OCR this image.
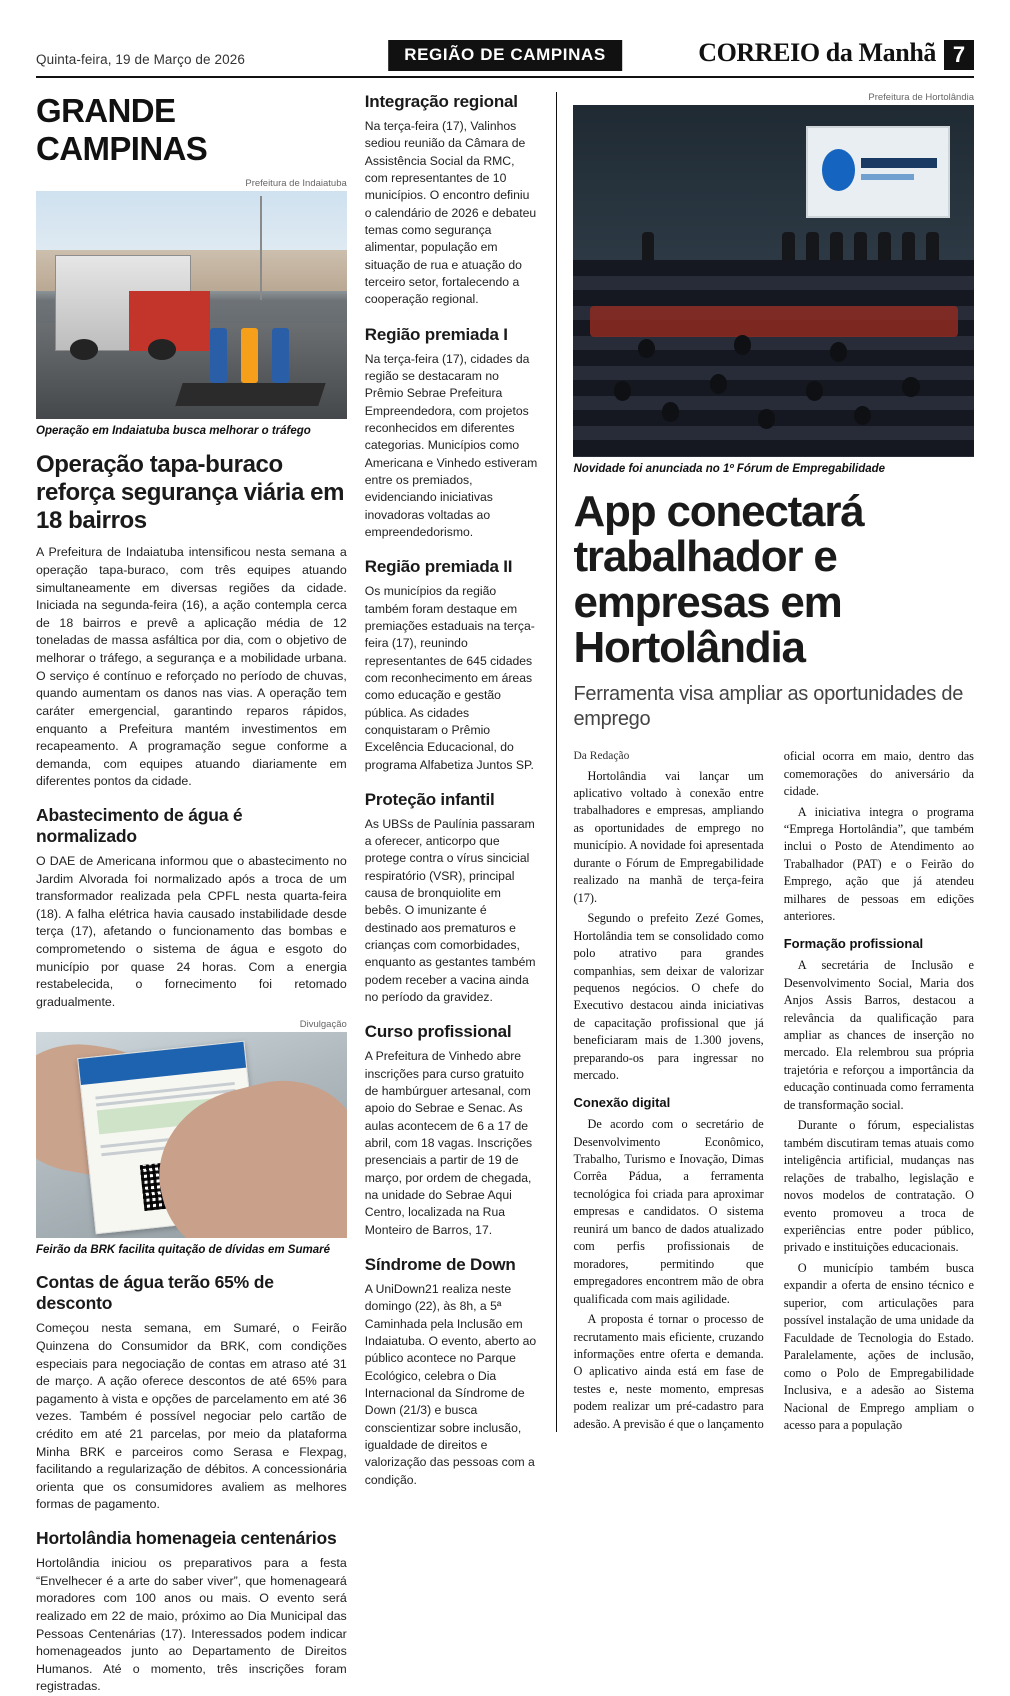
Quinta-feira, 19 de Março de 2026	REGIÃO DE CAMPINAS	CORREIO da Manhã 7
GRANDE CAMPINAS
Prefeitura de Indaiatuba
Operação em Indaiatuba busca melhorar o tráfego
Operação tapa-buraco reforça segurança viária em 18 bairros

A Prefeitura de Indaiatuba intensificou nesta semana a operação tapa-buraco, com três equipes atuando simultaneamente em diversas regiões da cidade. Iniciada na segunda-feira (16), a ação contempla cerca de 18 bairros e prevê a aplicação média de 12 toneladas de massa asfáltica por dia, com o objetivo de melhorar o tráfego, a segurança e a mobilidade urbana. O serviço é contínuo e reforçado no período de chuvas, quando aumentam os danos nas vias. A operação tem caráter emergencial, garantindo reparos rápidos, enquanto a Prefeitura mantém investimentos em recapeamento. A programação segue conforme a demanda, com equipes atuando diariamente em diferentes pontos da cidade.

Abastecimento de água é normalizado

O DAE de Americana informou que o abastecimento no Jardim Alvorada foi normalizado após a troca de um transformador realizada pela CPFL nesta quarta-feira (18). A falha elétrica havia causado instabilidade desde terça (17), afetando o funcionamento das bombas e comprometendo o sistema de água e esgoto do município por quase 24 horas. Com a energia restabelecida, o fornecimento foi retomado gradualmente.

Divulgação
Feirão da BRK facilita quitação de dívidas em Sumaré
Contas de água terão 65% de desconto

Começou nesta semana, em Sumaré, o Feirão Quinzena do Consumidor da BRK, com condições especiais para negociação de contas em atraso até 31 de março. A ação oferece descontos de até 65% para pagamento à vista e opções de parcelamento em até 36 vezes. Também é possível negociar pelo cartão de crédito em até 21 parcelas, por meio da plataforma Minha BRK e parceiros como Serasa e Flexpag, facilitando a regularização de débitos. A concessionária orienta que os consumidores avaliem as melhores formas de pagamento.

Hortolândia homenageia centenários

Hortolândia iniciou os preparativos para a festa “Envelhecer é a arte do saber viver”, que homenageará moradores com 100 anos ou mais. O evento será realizado em 22 de maio, próximo ao Dia Municipal das Pessoas Centenárias (17). Interessados podem indicar homenageados junto ao Departamento de Direitos Humanos. Até o momento, três inscrições foram registradas.

Integração regional

Na terça-feira (17), Valinhos sediou reunião da Câmara de Assistência Social da RMC, com representantes de 10 municípios. O encontro definiu o calendário de 2026 e debateu temas como segurança alimentar, população em situação de rua e atuação do terceiro setor, fortalecendo a cooperação regional.

Região premiada I

Na terça-feira (17), cidades da região se destacaram no Prêmio Sebrae Prefeitura Empreendedora, com projetos reconhecidos em diferentes categorias. Municípios como Americana e Vinhedo estiveram entre os premiados, evidenciando iniciativas inovadoras voltadas ao empreendedorismo.

Região premiada II

Os municípios da região também foram destaque em premiações estaduais na terça-feira (17), reunindo representantes de 645 cidades com reconhecimento em áreas como educação e gestão pública. As cidades conquistaram o Prêmio Excelência Educacional, do programa Alfabetiza Juntos SP.

Proteção infantil

As UBSs de Paulínia passaram a oferecer, anticorpo que protege contra o vírus sincicial respiratório (VSR), principal causa de bronquiolite em bebês. O imunizante é destinado aos prematuros e crianças com comorbidades, enquanto as gestantes também podem receber a vacina ainda no período da gravidez.

Curso profissional

A Prefeitura de Vinhedo abre inscrições para curso gratuito de hambúrguer artesanal, com apoio do Sebrae e Senac. As aulas acontecem de 6 a 17 de abril, com 18 vagas. Inscrições presenciais a partir de 19 de março, por ordem de chegada, na unidade do Sebrae Aqui Centro, localizada na Rua Monteiro de Barros, 17.

Síndrome de Down

A UniDown21 realiza neste domingo (22), às 8h, a 5ª Caminhada pela Inclusão em Indaiatuba. O evento, aberto ao público acontece no Parque Ecológico, celebra o Dia Internacional da Síndrome de Down (21/3) e busca conscientizar sobre inclusão, igualdade de direitos e valorização das pessoas com a condição.

Prefeitura de Hortolândia
Novidade foi anunciada no 1º Fórum de Empregabilidade
App conectará trabalhador e empresas em Hortolândia
Ferramenta visa ampliar as oportunidades de emprego

Da Redação

Hortolândia vai lançar um aplicativo voltado à conexão entre trabalhadores e empresas, ampliando as oportunidades de emprego no município. A novidade foi apresentada durante o Fórum de Empregabilidade realizado na manhã de terça-feira (17).

Segundo o prefeito Zezé Gomes, Hortolândia tem se consolidado como polo atrativo para grandes companhias, sem deixar de valorizar pequenos negócios. O chefe do Executivo destacou ainda iniciativas de capacitação profissional que já beneficiaram mais de 1.300 jovens, preparando-os para ingressar no mercado.

Conexão digital

De acordo com o secretário de Desenvolvimento Econômico, Trabalho, Turismo e Inovação, Dimas Corrêa Pádua, a ferramenta tecnológica foi criada para aproximar empresas e candidatos. O sistema reunirá um banco de dados atualizado com perfis profissionais de moradores, permitindo que empregadores encontrem mão de obra qualificada com mais agilidade.

A proposta é tornar o processo de recrutamento mais eficiente, cruzando informações entre oferta e demanda. O aplicativo ainda está em fase de testes e, neste momento, empresas podem realizar um pré-cadastro para adesão. A previsão é que o lançamento oficial ocorra em maio, dentro das comemorações do aniversário da cidade.

A iniciativa integra o programa “Emprega Hortolândia”, que também inclui o Posto de Atendimento ao Trabalhador (PAT) e o Feirão do Emprego, ação que já atendeu milhares de pessoas em edições anteriores.

Formação profissional

A secretária de Inclusão e Desenvolvimento Social, Maria dos Anjos Assis Barros, destacou a relevância da qualificação para ampliar as chances de inserção no mercado. Ela relembrou sua própria trajetória e reforçou a importância da educação continuada como ferramenta de transformação social.

Durante o fórum, especialistas também discutiram temas atuais como inteligência artificial, mudanças nas relações de trabalho, legislação e novos modelos de contratação. O evento promoveu a troca de experiências entre poder público, privado e instituições educacionais.

O município também busca expandir a oferta de ensino técnico e superior, com articulações para possível instalação de uma unidade da Faculdade de Tecnologia do Estado. Paralelamente, ações de inclusão, como o Polo de Empregabilidade Inclusiva, e a adesão ao Sistema Nacional de Emprego ampliam o acesso para a população
